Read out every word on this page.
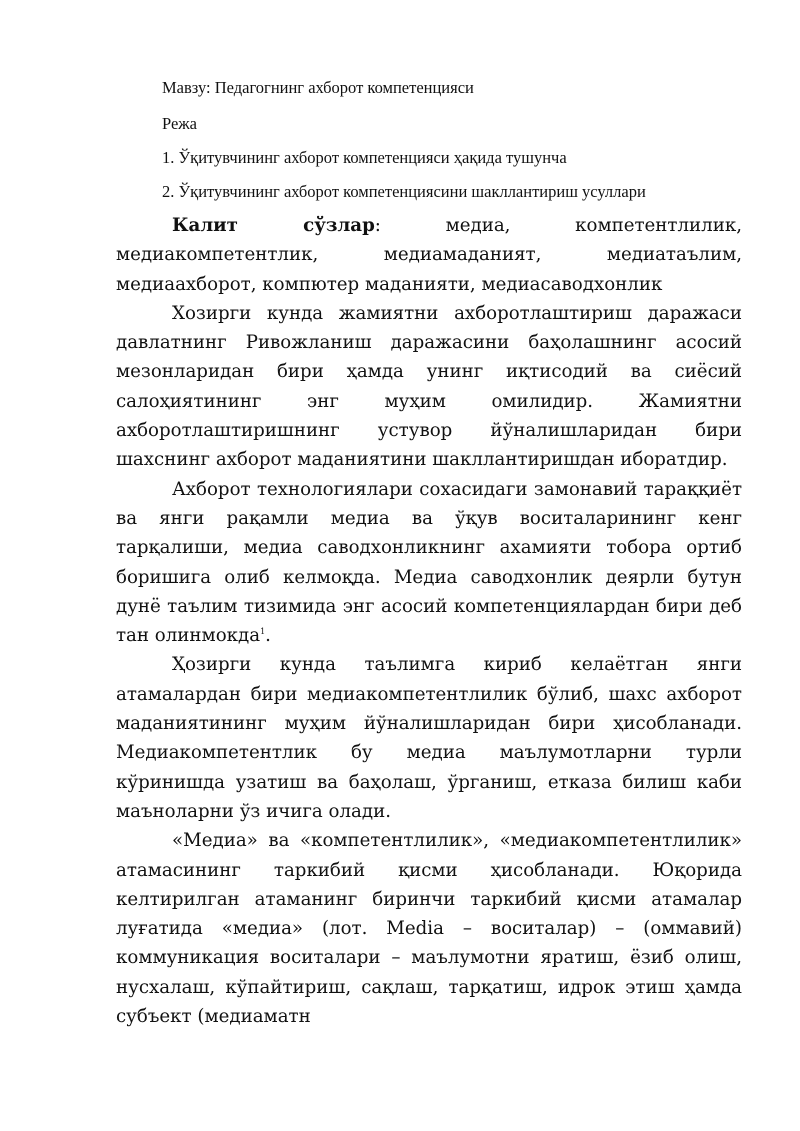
Мавзу: Педагогнинг ахборот компетенцияси
Режа
1. Ўқитувчининг ахборот компетенцияси ҳақида тушунча
2. Ўқитувчининг ахборот компетенциясини шакллантириш усуллари

Калит сўзлар: медиа, компетентлилик, медиакомпетентлик, медиамаданият, медиатаълим, медиаахборот, компютер маданияти, медиасаводхонлик

Хозирги кунда жамиятни ахборотлаштириш даражаси давлатнинг Ривожланиш даражасини баҳолашнинг асосий мезонларидан бири ҳамда унинг иқтисодий ва сиёсий салоҳиятининг энг муҳим омилидир. Жамиятни ахборотлаштиришнинг устувор йўналишларидан бири шахснинг ахборот маданиятини шакллантиришдан иборатдир.

Ахборот технологиялари сохасидаги замонавий тараққиёт ва янги рақамли медиа ва ўқув воситаларининг кенг тарқалиши, медиа саводхонликнинг ахамияти тобора ортиб боришига олиб келмоқда. Медиа саводхонлик деярли бутун дунё таълим тизимида энг асосий компетенциялардан бири деб тан олинмокда$^1$.

Ҳозирги кунда таълимга кириб келаётган янги атамалардан бири медиакомпетентлилик бўлиб, шахс ахборот маданиятининг муҳим йўналишларидан бири ҳисобланади. Медиакомпетентлик бу медиа маълумотларни турли кўринишда узатиш ва баҳолаш, ўрганиш, етказа билиш каби маъноларни ўз ичига олади.

«Медиа» ва «компетентлилик», «медиакомпетентлилик» атамасининг таркибий қисми ҳисобланади. Юқорида келтирилган атаманинг биринчи таркибий қисми атамалар луғатида «медиа» (лот. Media – воситалар) – (оммавий) коммуникация воситалари – маълумотни яратиш, ёзиб олиш, нусхалаш, кўпайтириш, сақлаш, тарқатиш, идрок этиш ҳамда субъект (медиаматн
